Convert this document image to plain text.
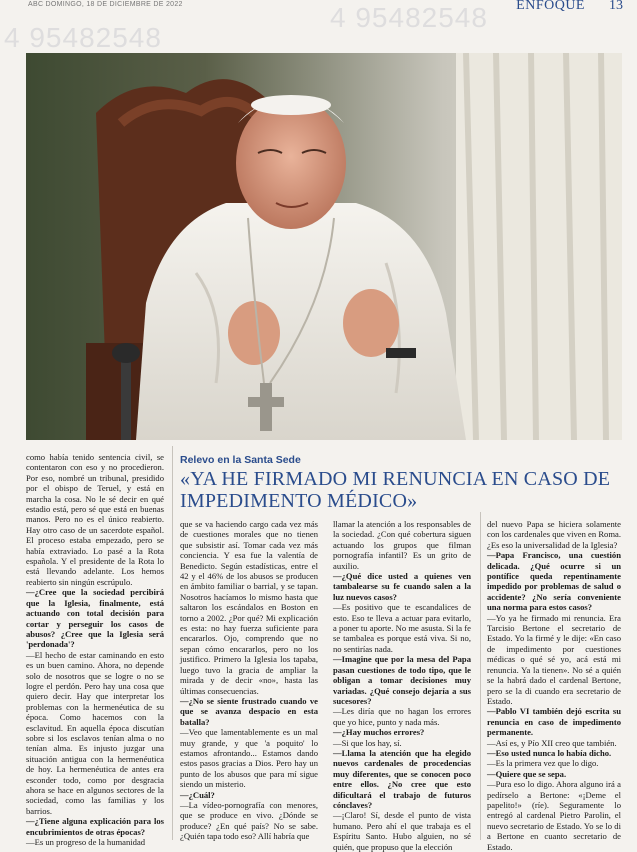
ABC DOMINGO, 18 DE DICIEMBRE DE 2022	ENFOQUE 13
4 95482548
4 95482548
Relevo en la Santa Sede
«YA HE FIRMADO MI RENUNCIA EN CASO DE IMPEDIMENTO MÉDICO»

como había tenido sentencia civil, se contentaron con eso y no procedieron. Por eso, nombré un tribunal, presidido por el obispo de Teruel, y está en marcha la cosa. No le sé decir en qué estadio está, pero sé que está en buenas manos. Pero no es el único reabierto. Hay otro caso de un sacerdote español. El proceso estaba empezado, pero se había extraviado. Lo pasé a la Rota española. Y el presidente de la Rota lo está llevando adelante. Los hemos reabierto sin ningún escrúpulo.

—¿Cree que la sociedad percibirá que la Iglesia, finalmente, está actuando con total decisión para cortar y perseguir los casos de abusos? ¿Cree que la Iglesia será 'perdonada'?

—El hecho de estar caminando en esto es un buen camino. Ahora, no depende solo de nosotros que se logre o no se logre el perdón. Pero hay una cosa que quiero decir. Hay que interpretar los problemas con la hermenéutica de su época. Como hacemos con la esclavitud. En aquella época discutían sobre si los esclavos tenían alma o no tenían alma. Es injusto juzgar una situación antigua con la hermenéutica de hoy. La hermenéutica de antes era esconder todo, como por desgracia ahora se hace en algunos sectores de la sociedad, como las familias y los barrios.

—¿Tiene alguna explicación para los encubrimientos de otras épocas?

—Es un progreso de la humanidad

que se va haciendo cargo cada vez más de cuestiones morales que no tienen que subsistir así. Tomar cada vez más conciencia. Y esa fue la valentía de Benedicto. Según estadísticas, entre el 42 y el 46% de los abusos se producen en ámbito familiar o barrial, y se tapan. Nosotros hacíamos lo mismo hasta que saltaron los escándalos en Boston en torno a 2002. ¿Por qué? Mi explicación es esta: no hay fuerza suficiente para encararlos. Ojo, comprendo que no sepan cómo encararlos, pero no los justifico. Primero la Iglesia los tapaba, luego tuvo la gracia de ampliar la mirada y de decir «no», hasta las últimas consecuencias.

—¿No se siente frustrado cuando ve que se avanza despacio en esta batalla?

—Veo que lamentablemente es un mal muy grande, y que 'a poquito' lo estamos afrontando... Estamos dando estos pasos gracias a Dios. Pero hay un punto de los abusos que para mí sigue siendo un misterio.

—¿Cuál?

—La vídeo-pornografía con menores, que se produce en vivo. ¿Dónde se produce? ¿En qué país? No se sabe. ¿Quién tapa todo eso? Allí habría que

llamar la atención a los responsables de la sociedad. ¿Con qué cobertura siguen actuando los grupos que filman pornografía infantil? Es un grito de auxilio.

—¿Qué dice usted a quienes ven tambalearse su fe cuando salen a la luz nuevos casos?

—Es positivo que te escandalices de esto. Eso te lleva a actuar para evitarlo, a poner tu aporte. No me asusta. Si la fe se tambalea es porque está viva. Si no, no sentirías nada.

—Imagine que por la mesa del Papa pasan cuestiones de todo tipo, que le obligan a tomar decisiones muy variadas. ¿Qué consejo dejaría a sus sucesores?

—Les diría que no hagan los errores que yo hice, punto y nada más.

—¿Hay muchos errores?

—Si que los hay, sí.

—Llama la atención que ha elegido nuevos cardenales de procedencias muy diferentes, que se conocen poco entre ellos. ¿No cree que esto dificultará el trabajo de futuros cónclaves?

—¡Claro! Sí, desde el punto de vista humano. Pero ahí el que trabaja es el Espíritu Santo. Hubo alguien, no sé quién, que propuso que la elección

del nuevo Papa se hiciera solamente con los cardenales que viven en Roma. ¿Es eso la universalidad de la Iglesia?

—Papa Francisco, una cuestión delicada. ¿Qué ocurre si un pontífice queda repentinamente impedido por problemas de salud o accidente? ¿No sería conveniente una norma para estos casos?

—Yo ya he firmado mi renuncia. Era Tarcisio Bertone el secretario de Estado. Yo la firmé y le dije: «En caso de impedimento por cuestiones médicas o qué sé yo, acá está mi renuncia. Ya la tienen». No sé a quién se la habrá dado el cardenal Bertone, pero se la di cuando era secretario de Estado.

—Pablo VI también dejó escrita su renuncia en caso de impedimento permanente.

—Así es, y Pío XII creo que también.

—Eso usted nunca lo había dicho.

—Es la primera vez que lo digo.

—Quiere que se sepa.

—Pura eso lo digo. Ahora alguno irá a pedírselo a Bertone: «¡Deme el papelito!» (ríe). Seguramente lo entregó al cardenal Pietro Parolin, el nuevo secretario de Estado. Yo se lo di a Bertone en cuanto secretario de Estado.
